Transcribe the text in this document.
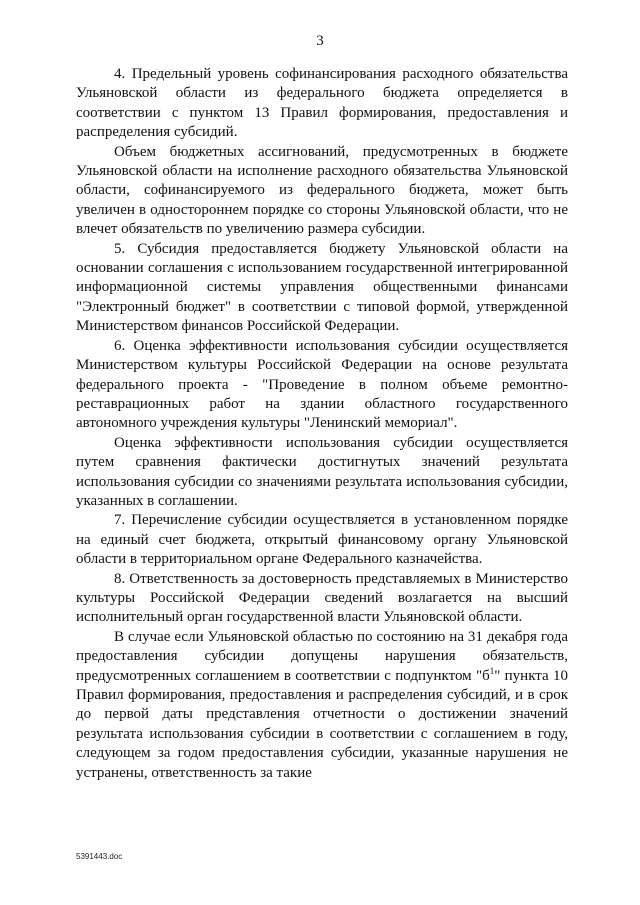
3

4. Предельный уровень софинансирования расходного обязательства Ульяновской области из федерального бюджета определяется в соответствии с пунктом 13 Правил формирования, предоставления и распределения субсидий.

Объем бюджетных ассигнований, предусмотренных в бюджете Ульяновской области на исполнение расходного обязательства Ульяновской области, софинансируемого из федерального бюджета, может быть увеличен в одностороннем порядке со стороны Ульяновской области, что не влечет обязательств по увеличению размера субсидии.

5. Субсидия предоставляется бюджету Ульяновской области на основании соглашения с использованием государственной интегрированной информационной системы управления общественными финансами "Электронный бюджет" в соответствии с типовой формой, утвержденной Министерством финансов Российской Федерации.

6. Оценка эффективности использования субсидии осуществляется Министерством культуры Российской Федерации на основе результата федерального проекта - "Проведение в полном объеме ремонтно-реставрационных работ на здании областного государственного автономного учреждения культуры "Ленинский мемориал".

Оценка эффективности использования субсидии осуществляется путем сравнения фактически достигнутых значений результата использования субсидии со значениями результата использования субсидии, указанных в соглашении.

7. Перечисление субсидии осуществляется в установленном порядке на единый счет бюджета, открытый финансовому органу Ульяновской области в территориальном органе Федерального казначейства.

8. Ответственность за достоверность представляемых в Министерство культуры Российской Федерации сведений возлагается на высший исполнительный орган государственной власти Ульяновской области.

В случае если Ульяновской областью по состоянию на 31 декабря года предоставления субсидии допущены нарушения обязательств, предусмотренных соглашением в соответствии с подпунктом "$б^1$" пункта 10 Правил формирования, предоставления и распределения субсидий, и в срок до первой даты представления отчетности о достижении значений результата использования субсидии в соответствии с соглашением в году, следующем за годом предоставления субсидии, указанные нарушения не устранены, ответственность за такие

5391443.doc
